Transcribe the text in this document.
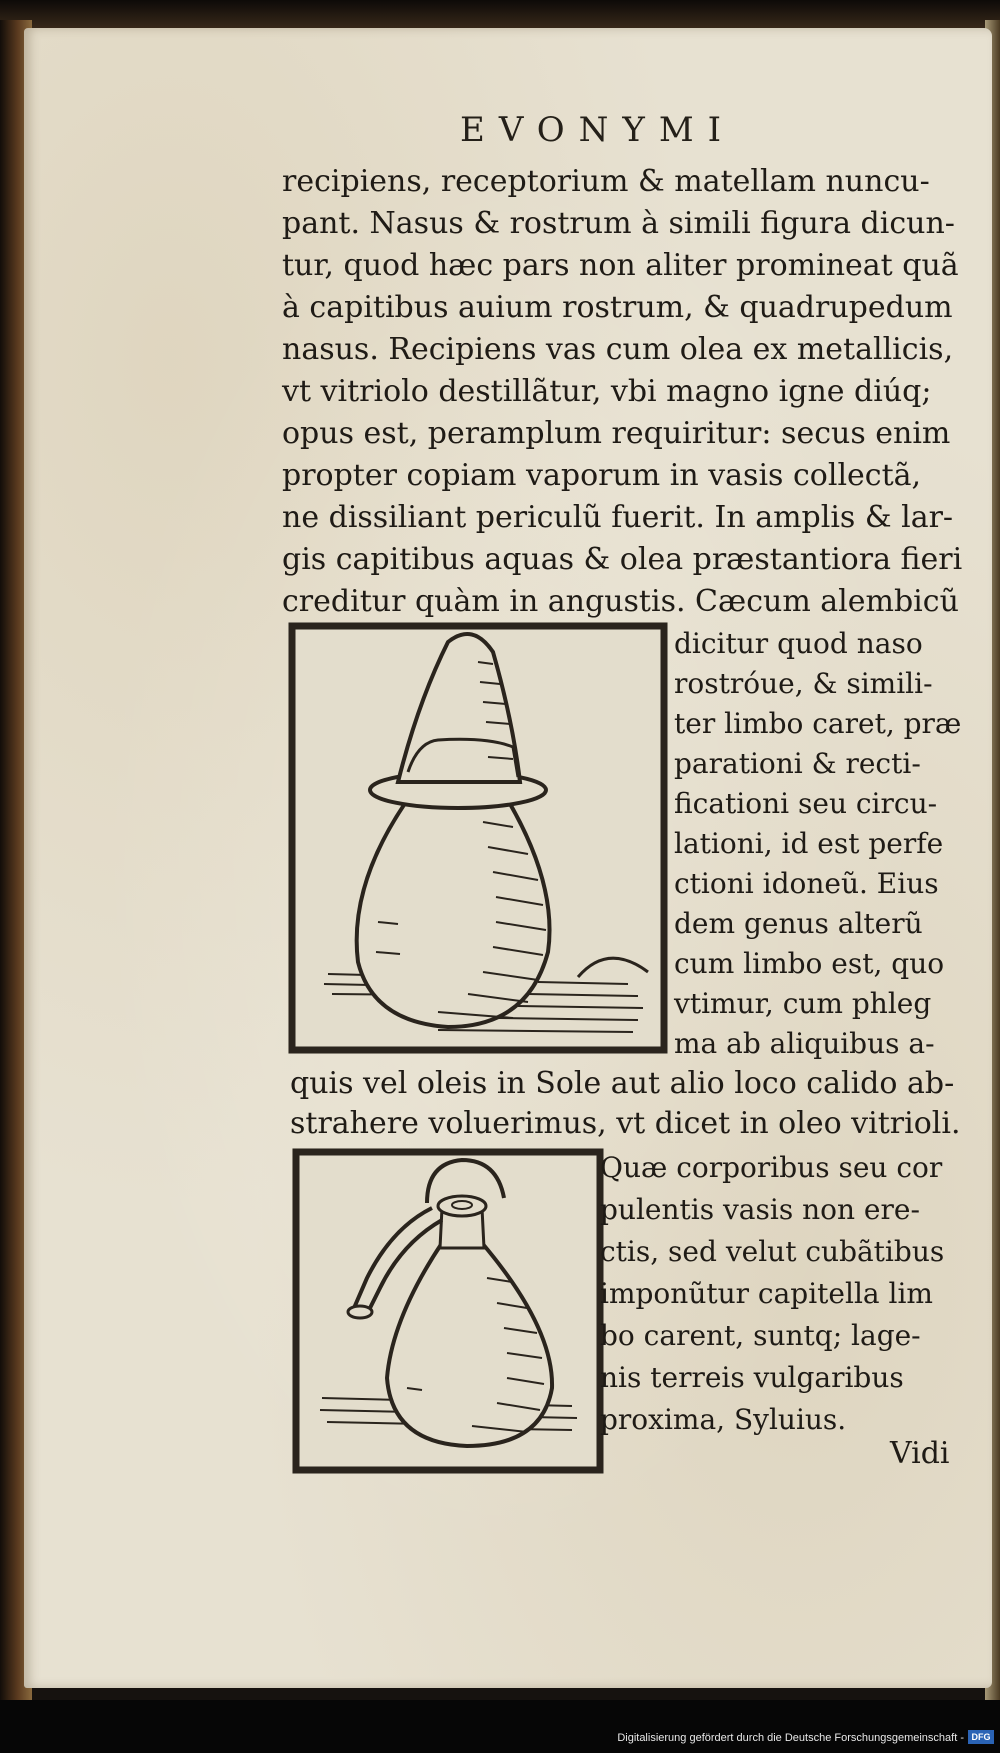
EVONYMI
recipiens, receptorium & matellam nuncu-
pant. Nasus & rostrum à simili figura dicun-
tur, quod hæc pars non aliter promineat quã
à capitibus auium rostrum, & quadrupedum
nasus. Recipiens vas cum olea ex metallicis,
vt vitriolo destillãtur, vbi magno igne diúq;
opus est, peramplum requiritur: secus enim
propter copiam vaporum in vasis collectã,
ne dissiliant periculũ fuerit. In amplis & lar-
gis capitibus aquas & olea præstantiora fieri
creditur quàm in angustis. Cæcum alembicũ
dicitur quod naso
rostróue, & simili-
ter limbo caret, præ
parationi & recti-
ficationi seu circu-
lationi, id est perfe
ctioni idoneũ. Eius
dem genus alterũ
cum limbo est, quo
vtimur, cum phleg
ma ab aliquibus a-
quis vel oleis in Sole aut alio loco calido ab-
strahere voluerimus, vt dicet in oleo vitrioli.
Quæ corporibus seu cor
pulentis vasis non ere-
ctis, sed velut cubãtibus
imponũtur capitella lim
bo carent, suntq; lage-
nis terreis vulgaribus
proxima, Syluius.
Vidi
Digitalisierung gefördert durch die Deutsche Forschungsgemeinschaft - DFG
